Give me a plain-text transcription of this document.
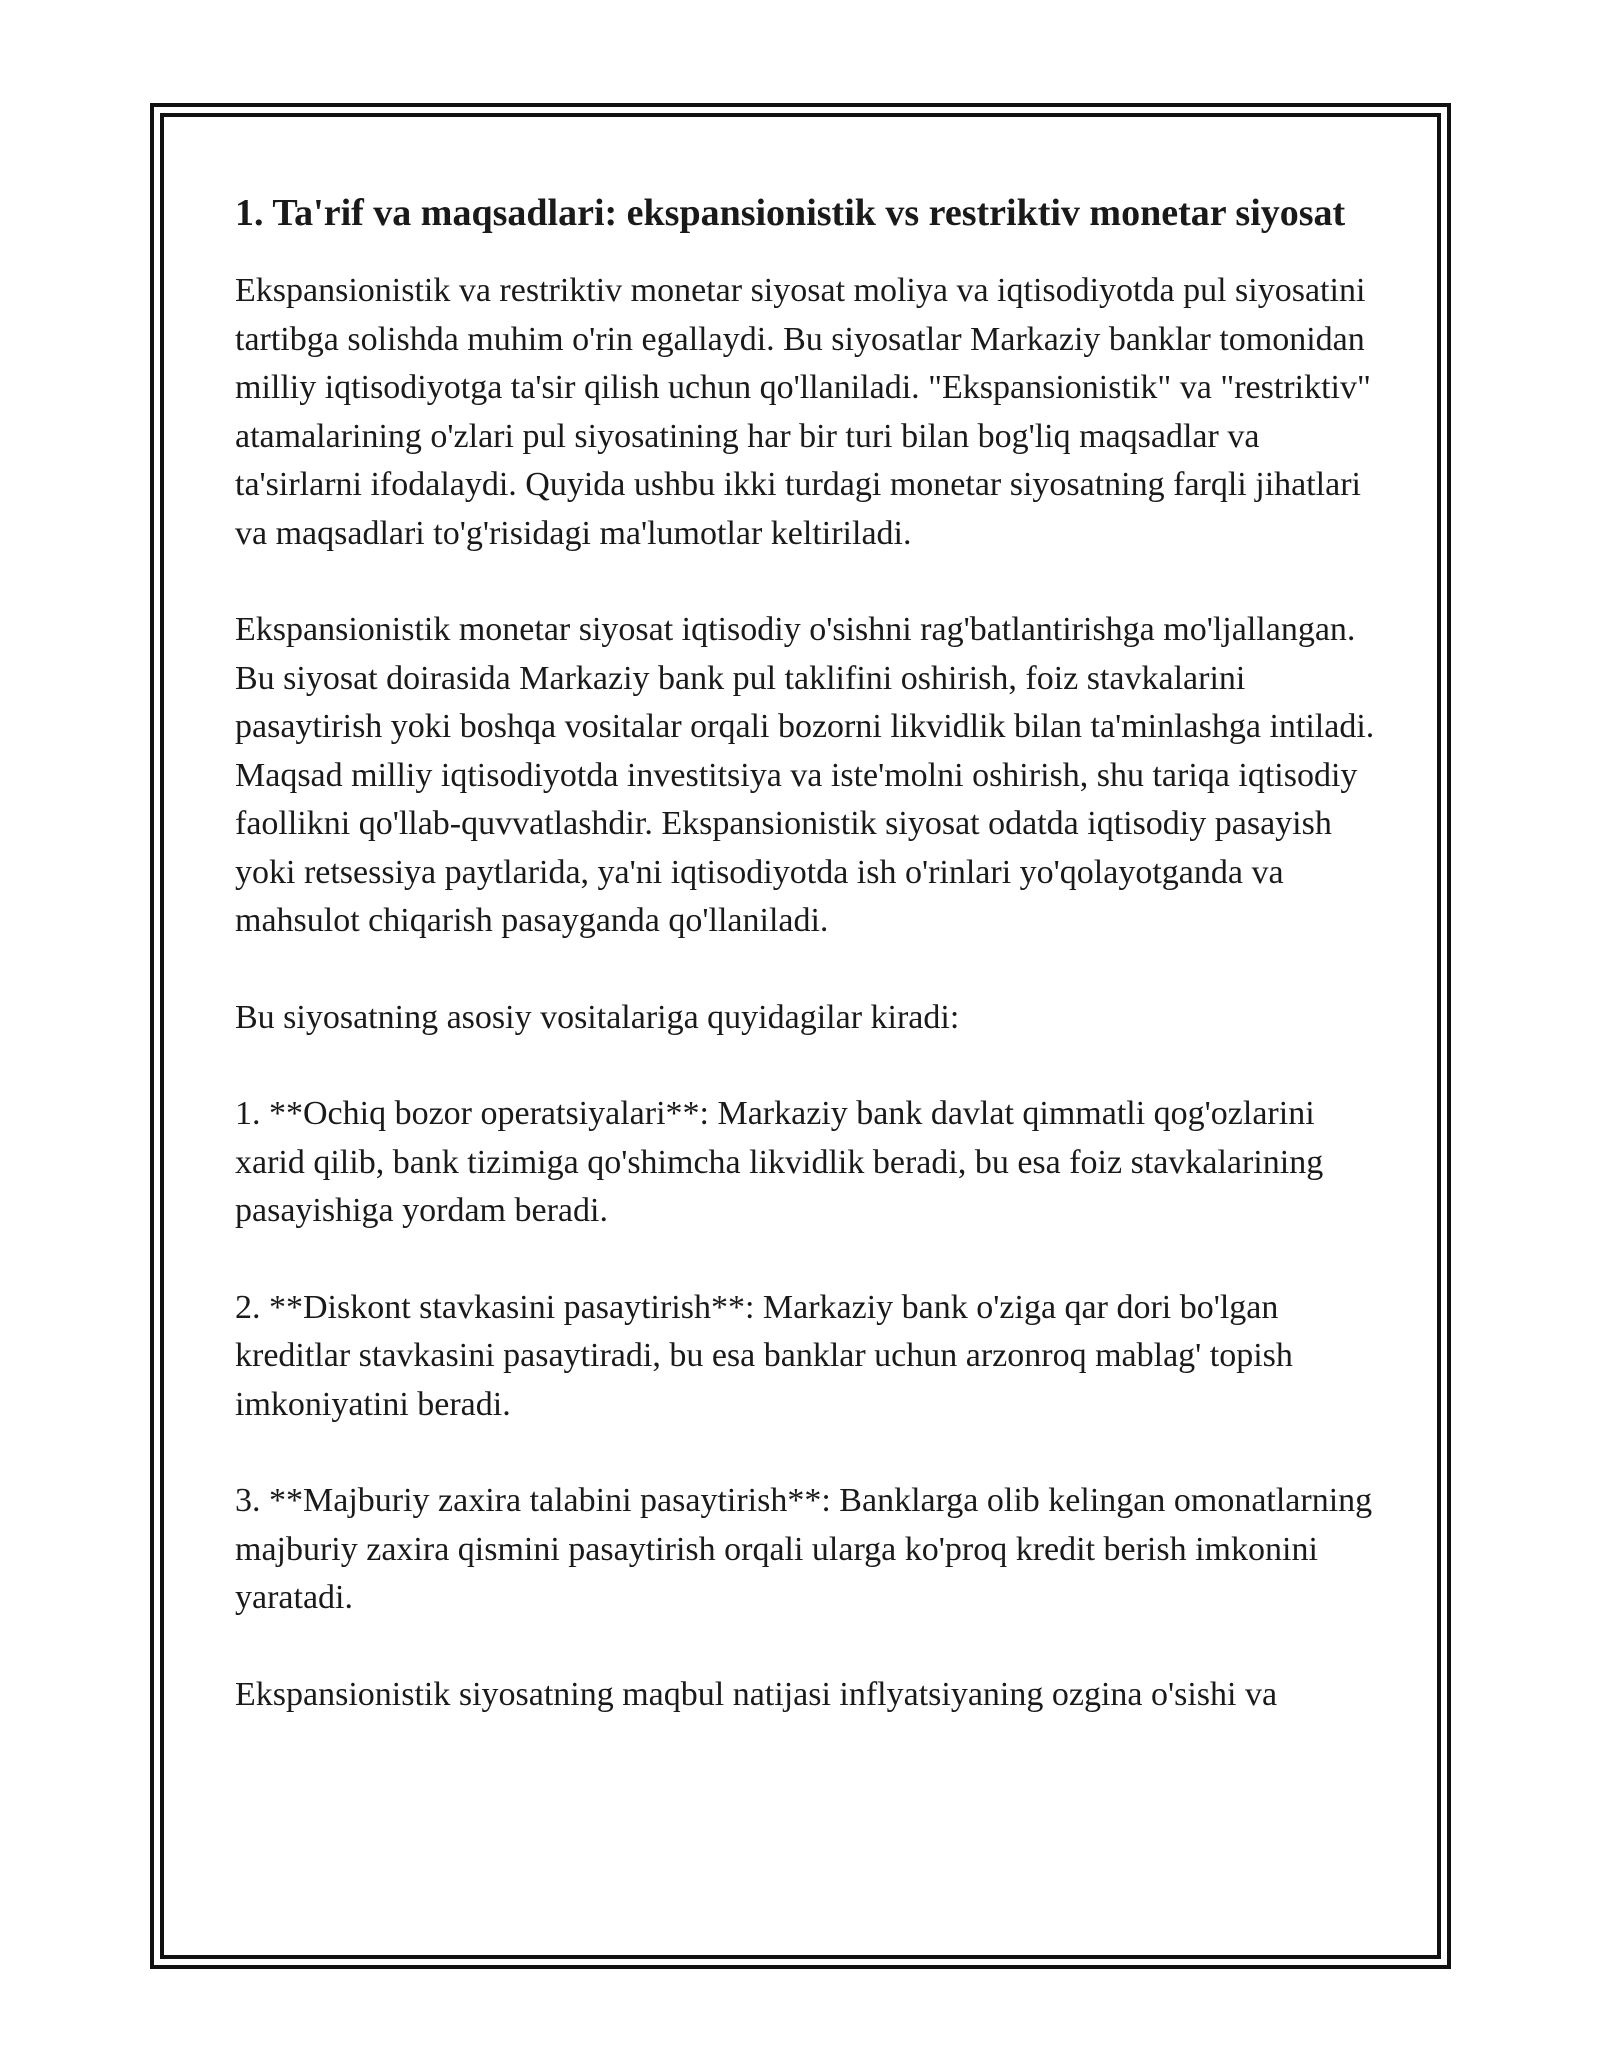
1. Ta'rif va maqsadlari: ekspansionistik vs restriktiv monetar siyosat

Ekspansionistik va restriktiv monetar siyosat moliya va iqtisodiyotda pul siyosatini tartibga solishda muhim o'rin egallaydi. Bu siyosatlar Markaziy banklar tomonidan milliy iqtisodiyotga ta'sir qilish uchun qo'llaniladi. "Ekspansionistik" va "restriktiv" atamalarining o'zlari pul siyosatining har bir turi bilan bog'liq maqsadlar va ta'sirlarni ifodalaydi. Quyida ushbu ikki turdagi monetar siyosatning farqli jihatlari va maqsadlari to'g'risidagi ma'lumotlar keltiriladi.

Ekspansionistik monetar siyosat iqtisodiy o'sishni rag'batlantirishga mo'ljallangan. Bu siyosat doirasida Markaziy bank pul taklifini oshirish, foiz stavkalarini pasaytirish yoki boshqa vositalar orqali bozorni likvidlik bilan ta'minlashga intiladi. Maqsad milliy iqtisodiyotda investitsiya va iste'molni oshirish, shu tariqa iqtisodiy faollikni qo'llab-quvvatlashdir. Ekspansionistik siyosat odatda iqtisodiy pasayish yoki retsessiya paytlarida, ya'ni iqtisodiyotda ish o'rinlari yo'qolayotganda va mahsulot chiqarish pasayganda qo'llaniladi.

Bu siyosatning asosiy vositalariga quyidagilar kiradi:

1. **Ochiq bozor operatsiyalari**: Markaziy bank davlat qimmatli qog'ozlarini xarid qilib, bank tizimiga qo'shimcha likvidlik beradi, bu esa foiz stavkalarining pasayishiga yordam beradi.

2. **Diskont stavkasini pasaytirish**: Markaziy bank o'ziga qar dori bo'lgan kreditlar stavkasini pasaytiradi, bu esa banklar uchun arzonroq mablag' topish imkoniyatini beradi.

3. **Majburiy zaxira talabini pasaytirish**: Banklarga olib kelingan omonatlarning majburiy zaxira qismini pasaytirish orqali ularga ko'proq kredit berish imkonini yaratadi.

Ekspansionistik siyosatning maqbul natijasi inflyatsiyaning ozgina o'sishi va
